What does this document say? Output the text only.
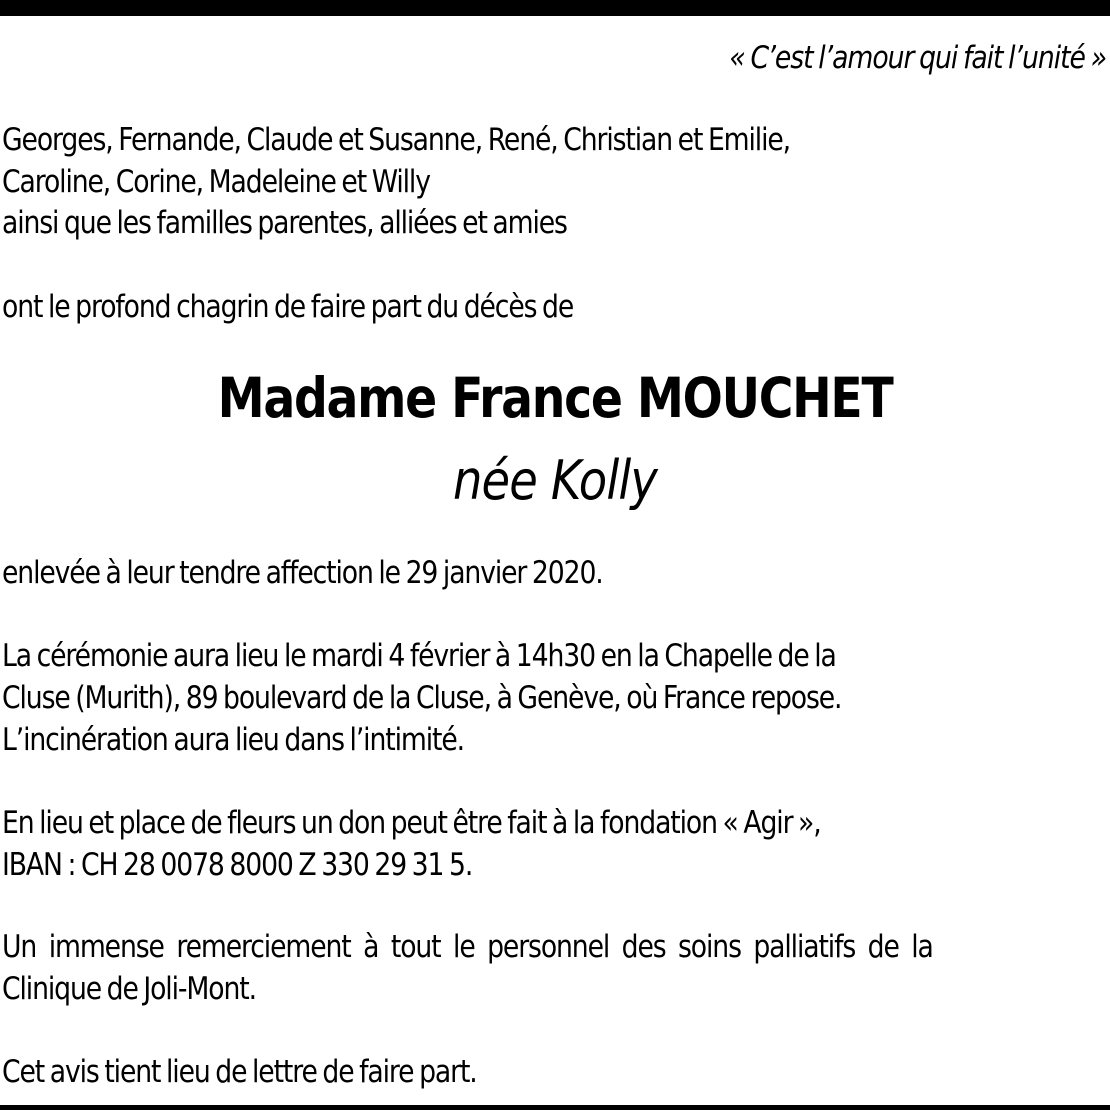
« C’est l’amour qui fait l’unité »
Georges, Fernande, Claude et Susanne, René, Christian et Emilie,
Caroline, Corine, Madeleine et Willy
ainsi que les familles parentes, alliées et amies
ont le profond chagrin de faire part du décès de
Madame France MOUCHET
née Kolly
enlevée à leur tendre affection le 29 janvier 2020.
La cérémonie aura lieu le mardi 4 février à 14h30 en la Chapelle de la
Cluse (Murith), 89 boulevard de la Cluse, à Genève, où France repose.
L’incinération aura lieu dans l’intimité.
En lieu et place de fleurs un don peut être fait à la fondation « Agir »,
IBAN : CH 28 0078 8000 Z 330 29 31 5.
Un immense remerciement à tout le personnel des soins palliatifs de la
Clinique de Joli-Mont.
Cet avis tient lieu de lettre de faire part.
